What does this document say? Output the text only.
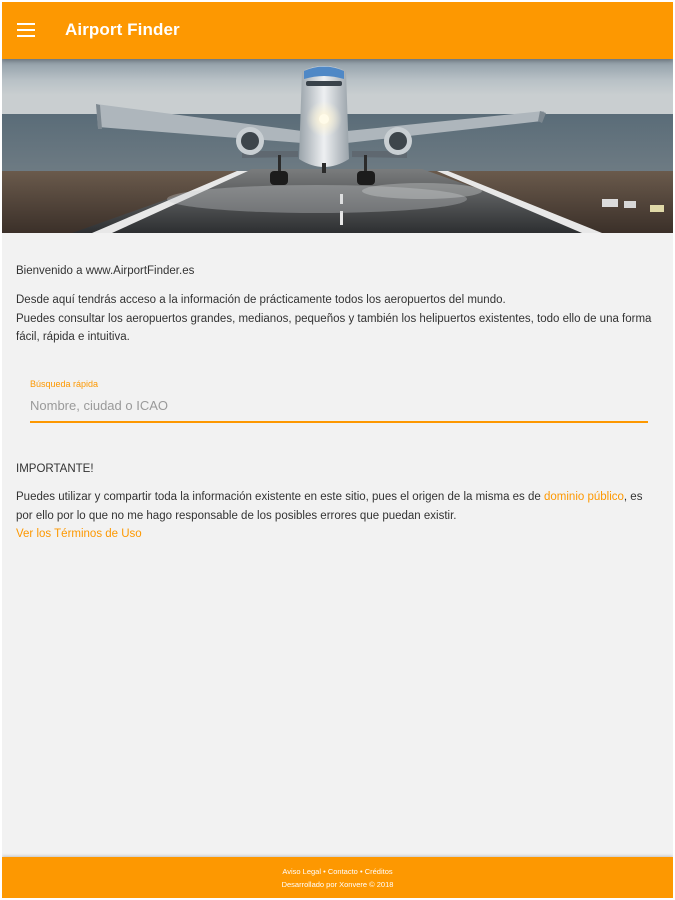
Airport Finder
Bienvenido a www.AirportFinder.es

Desde aquí tendrás acceso a la información de prácticamente todos los aeropuertos del mundo.

Puedes consultar los aeropuertos grandes, medianos, pequeños y también los helipuertos existentes, todo ello de una forma fácil, rápida e intuitiva.

Búsqueda rápida
Nombre, ciudad o ICAO
IMPORTANTE!
Puedes utilizar y compartir toda la información existente en este sitio, pues el origen de la misma es de dominio público, es por ello por lo que no me hago responsable de los posibles errores que puedan existir.
Ver los Términos de Uso
Aviso Legal • Contacto • Créditos
Desarrollado por Xonvere © 2018
